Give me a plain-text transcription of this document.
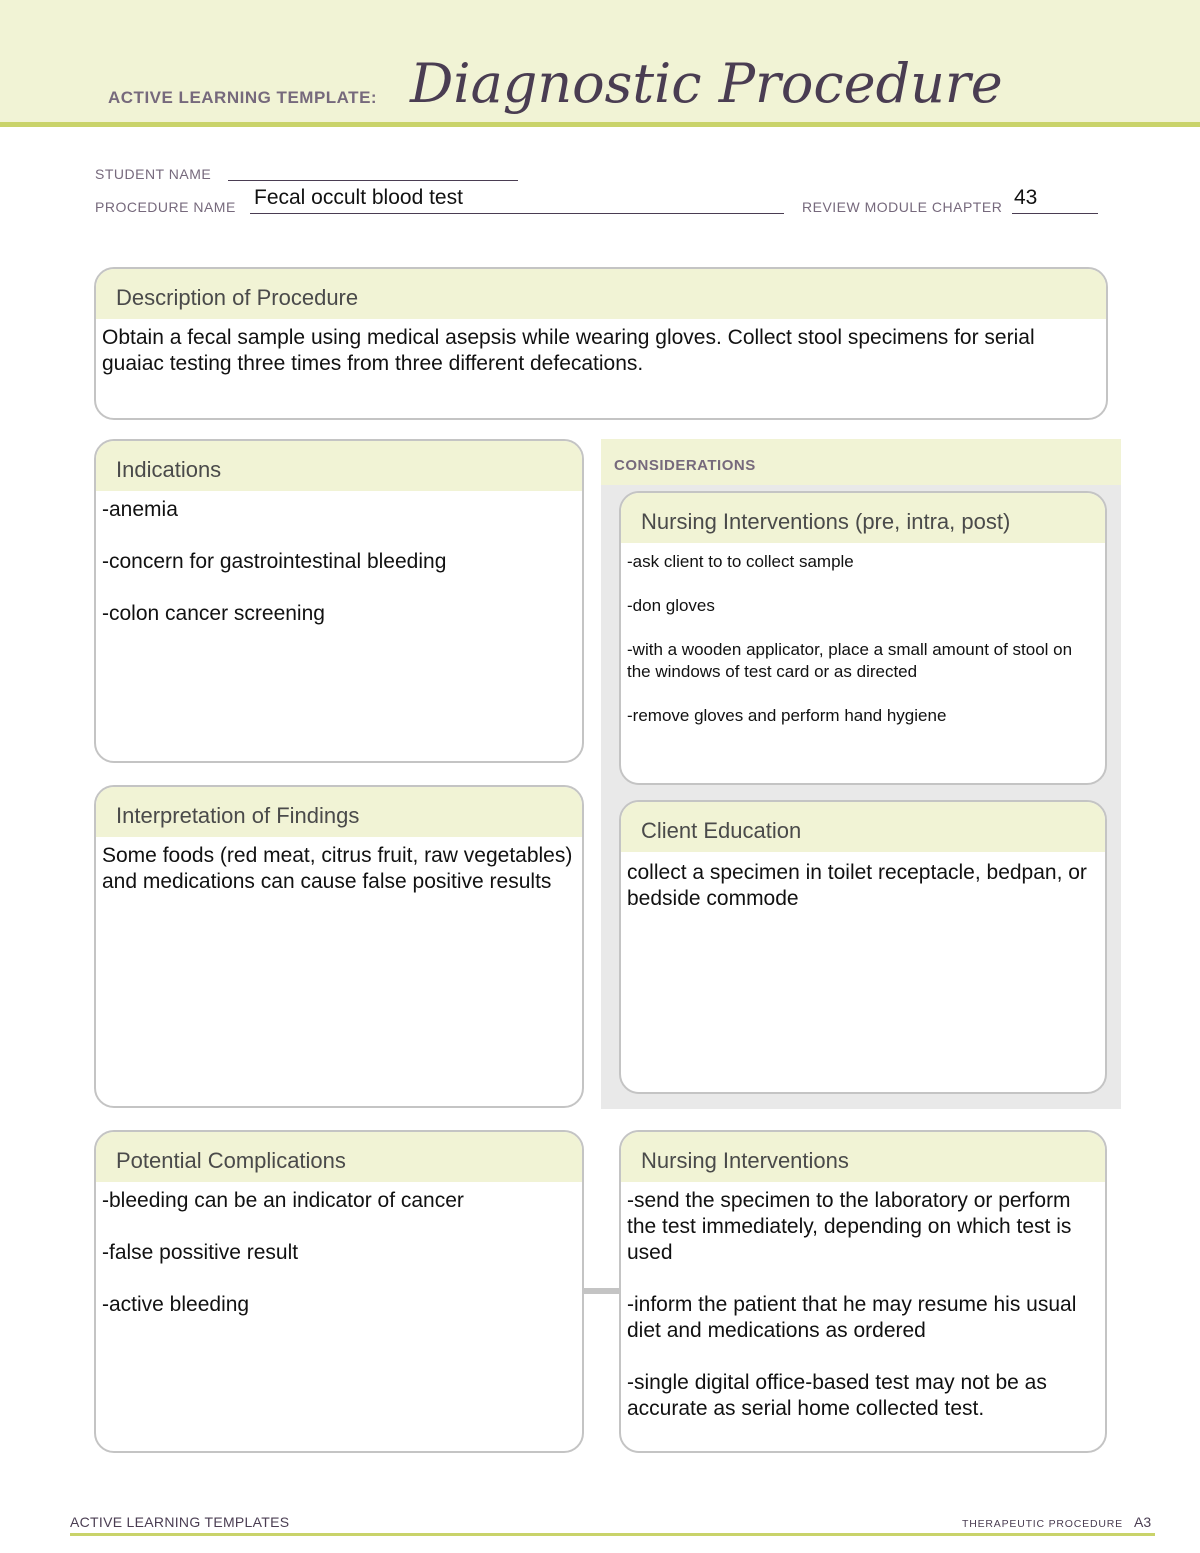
ACTIVE LEARNING TEMPLATE: Diagnostic Procedure
STUDENT NAME
PROCEDURE NAME Fecal occult blood test	REVIEW MODULE CHAPTER 43
Description of Procedure

Obtain a fecal sample using medical asepsis while wearing gloves. Collect stool specimens for serial guaiac testing three times from three different defecations.

Indications

-anemia

-concern for gastrointestinal bleeding

-colon cancer screening

CONSIDERATIONS
Nursing Interventions (pre, intra, post)

-ask client to to collect sample

-don gloves

-with a wooden applicator, place a small amount of stool on the windows of test card or as directed

-remove gloves and perform hand hygiene

Interpretation of Findings

Some foods (red meat, citrus fruit, raw vegetables) and medications can cause false positive results

Client Education

collect a specimen in toilet receptacle, bedpan, or bedside commode

Potential Complications

-bleeding can be an indicator of cancer

-false possitive result

-active bleeding

Nursing Interventions

-send the specimen to the laboratory or perform the test immediately, depending on which test is used

-inform the patient that he may resume his usual diet and medications as ordered

-single digital office-based test may not be as accurate as serial home collected test.

ACTIVE LEARNING TEMPLATES	THERAPEUTIC PROCEDURE A3
